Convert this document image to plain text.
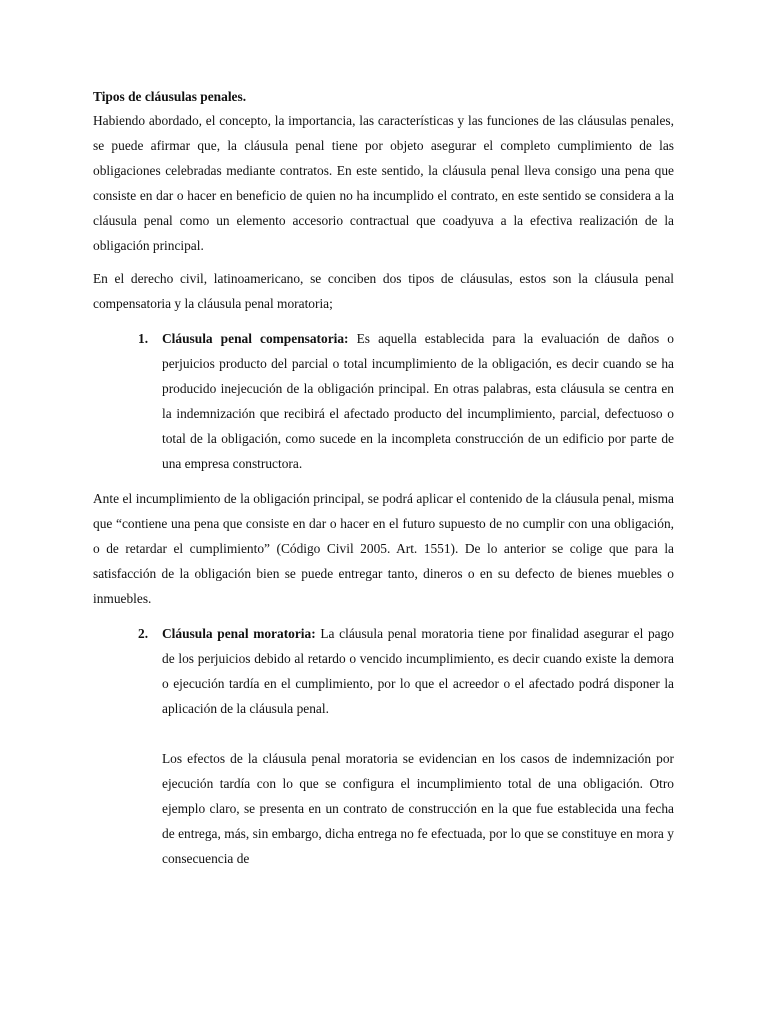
Tipos de cláusulas penales.

Habiendo abordado, el concepto, la importancia, las características y las funciones de las cláusulas penales, se puede afirmar que, la cláusula penal tiene por objeto asegurar el completo cumplimiento de las obligaciones celebradas mediante contratos. En este sentido, la cláusula penal lleva consigo una pena que consiste en dar o hacer en beneficio de quien no ha incumplido el contrato, en este sentido se considera a la cláusula penal como un elemento accesorio contractual que coadyuva a la efectiva realización de la obligación principal.

En el derecho civil, latinoamericano, se conciben dos tipos de cláusulas, estos son la cláusula penal compensatoria y la cláusula penal moratoria;

1. Cláusula penal compensatoria: Es aquella establecida para la evaluación de daños o perjuicios producto del parcial o total incumplimiento de la obligación, es decir cuando se ha producido inejecución de la obligación principal. En otras palabras, esta cláusula se centra en la indemnización que recibirá el afectado producto del incumplimiento, parcial, defectuoso o total de la obligación, como sucede en la incompleta construcción de un edificio por parte de una empresa constructora.

Ante el incumplimiento de la obligación principal, se podrá aplicar el contenido de la cláusula penal, misma que “contiene una pena que consiste en dar o hacer en el futuro supuesto de no cumplir con una obligación, o de retardar el cumplimiento” (Código Civil 2005. Art. 1551). De lo anterior se colige que para la satisfacción de la obligación bien se puede entregar tanto, dineros o en su defecto de bienes muebles o inmuebles.

2. Cláusula penal moratoria: La cláusula penal moratoria tiene por finalidad asegurar el pago de los perjuicios debido al retardo o vencido incumplimiento, es decir cuando existe la demora o ejecución tardía en el cumplimiento, por lo que el acreedor o el afectado podrá disponer la aplicación de la cláusula penal.

Los efectos de la cláusula penal moratoria se evidencian en los casos de indemnización por ejecución tardía con lo que se configura el incumplimiento total de una obligación. Otro ejemplo claro, se presenta en un contrato de construcción en la que fue establecida una fecha de entrega, más, sin embargo, dicha entrega no fe efectuada, por lo que se constituye en mora y consecuencia de
